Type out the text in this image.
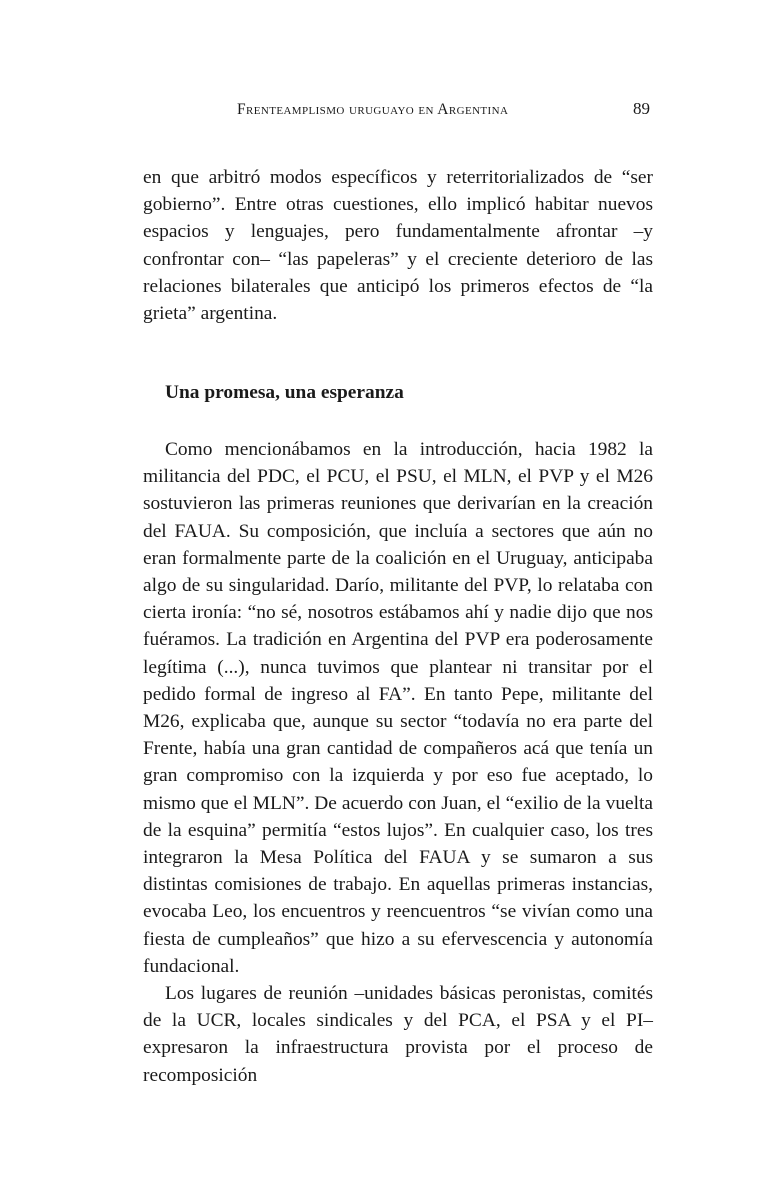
Frenteamplismo uruguayo en Argentina	89

en que arbitró modos específicos y reterritorializados de “ser gobierno”. Entre otras cuestiones, ello implicó habitar nuevos espacios y lenguajes, pero fundamentalmente afrontar –y confrontar con– “las papeleras” y el creciente deterioro de las relaciones bilaterales que anticipó los primeros efectos de “la grieta” argentina.

Una promesa, una esperanza

Como mencionábamos en la introducción, hacia 1982 la militancia del PDC, el PCU, el PSU, el MLN, el PVP y el M26 sostuvieron las primeras reuniones que derivarían en la creación del FAUA. Su composición, que incluía a sectores que aún no eran formalmente parte de la coalición en el Uruguay, anticipaba algo de su singularidad. Darío, militante del PVP, lo relataba con cierta ironía: “no sé, nosotros estábamos ahí y nadie dijo que nos fuéramos. La tradición en Argentina del PVP era poderosamente legítima (...), nunca tuvimos que plantear ni transitar por el pedido formal de ingreso al FA”. En tanto Pepe, militante del M26, explicaba que, aunque su sector “todavía no era parte del Frente, había una gran cantidad de compañeros acá que tenía un gran compromiso con la izquierda y por eso fue aceptado, lo mismo que el MLN”. De acuerdo con Juan, el “exilio de la vuelta de la esquina” permitía “estos lujos”. En cualquier caso, los tres integraron la Mesa Política del FAUA y se sumaron a sus distintas comisiones de trabajo. En aquellas primeras instancias, evocaba Leo, los encuentros y reencuentros “se vivían como una fiesta de cumpleaños” que hizo a su efervescencia y autonomía fundacional.

Los lugares de reunión –unidades básicas peronistas, comités de la UCR, locales sindicales y del PCA, el PSA y el PI– expresaron la infraestructura provista por el proceso de recomposición
